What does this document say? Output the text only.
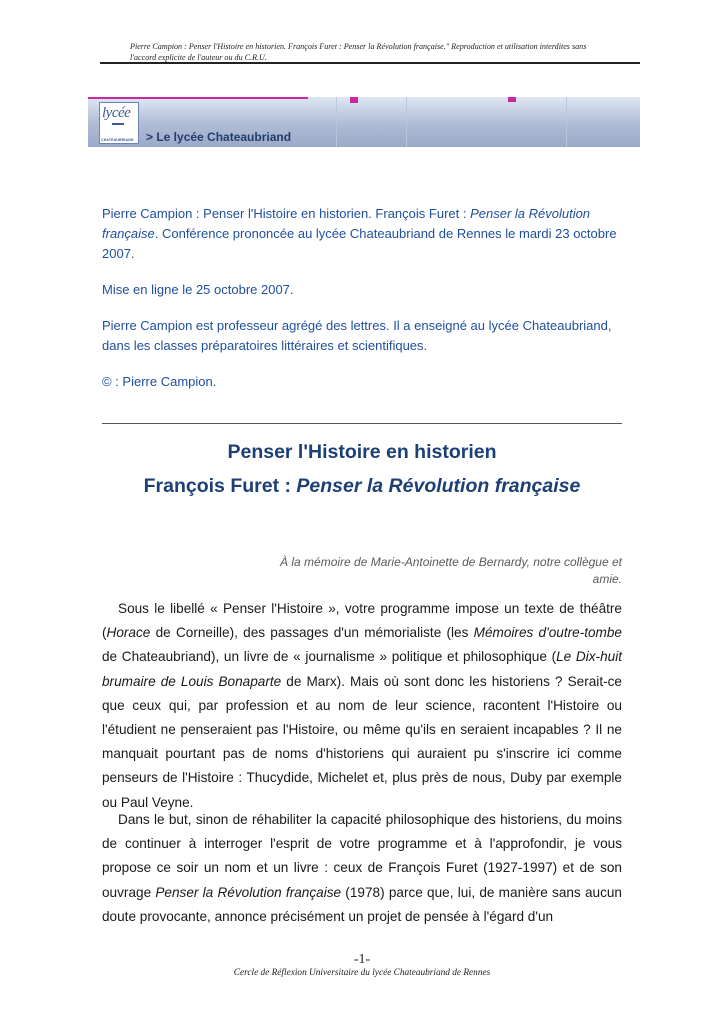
Pierre Campion : Penser l'Histoire en historien. François Furet : Penser la Révolution française." Reproduction et utilisation interdites sans l'accord explicite de l'auteur ou du C.R.U.
lycée
CHATEAUBRIAND > Le lycée Chateaubriand

Pierre Campion : Penser l'Histoire en historien. François Furet : Penser la Révolution française. Conférence prononcée au lycée Chateaubriand de Rennes le mardi 23 octobre 2007.

Mise en ligne le 25 octobre 2007.
Pierre Campion est professeur agrégé des lettres. Il a enseigné au lycée Chateaubriand, dans les classes préparatoires littéraires et scientifiques.
© : Pierre Campion.
Penser l'Histoire en historien
François Furet : Penser la Révolution française
À la mémoire de Marie-Antoinette de Bernardy, notre collègue et amie.

Sous le libellé « Penser l'Histoire », votre programme impose un texte de théâtre (Horace de Corneille), des passages d'un mémorialiste (les Mémoires d'outre-tombe de Chateaubriand), un livre de « journalisme » politique et philosophique (Le Dix-huit brumaire de Louis Bonaparte de Marx). Mais où sont donc les historiens ? Serait-ce que ceux qui, par profession et au nom de leur science, racontent l'Histoire ou l'étudient ne penseraient pas l'Histoire, ou même qu'ils en seraient incapables ? Il ne manquait pourtant pas de noms d'historiens qui auraient pu s'inscrire ici comme penseurs de l'Histoire : Thucydide, Michelet et, plus près de nous, Duby par exemple ou Paul Veyne.

Dans le but, sinon de réhabiliter la capacité philosophique des historiens, du moins de continuer à interroger l'esprit de votre programme et à l'approfondir, je vous propose ce soir un nom et un livre : ceux de François Furet (1927-1997) et de son ouvrage Penser la Révolution française (1978) parce que, lui, de manière sans aucun doute provocante, annonce précisément un projet de pensée à l'égard d'un

-1-
Cercle de Réflexion Universitaire du lycée Chateaubriand de Rennes
